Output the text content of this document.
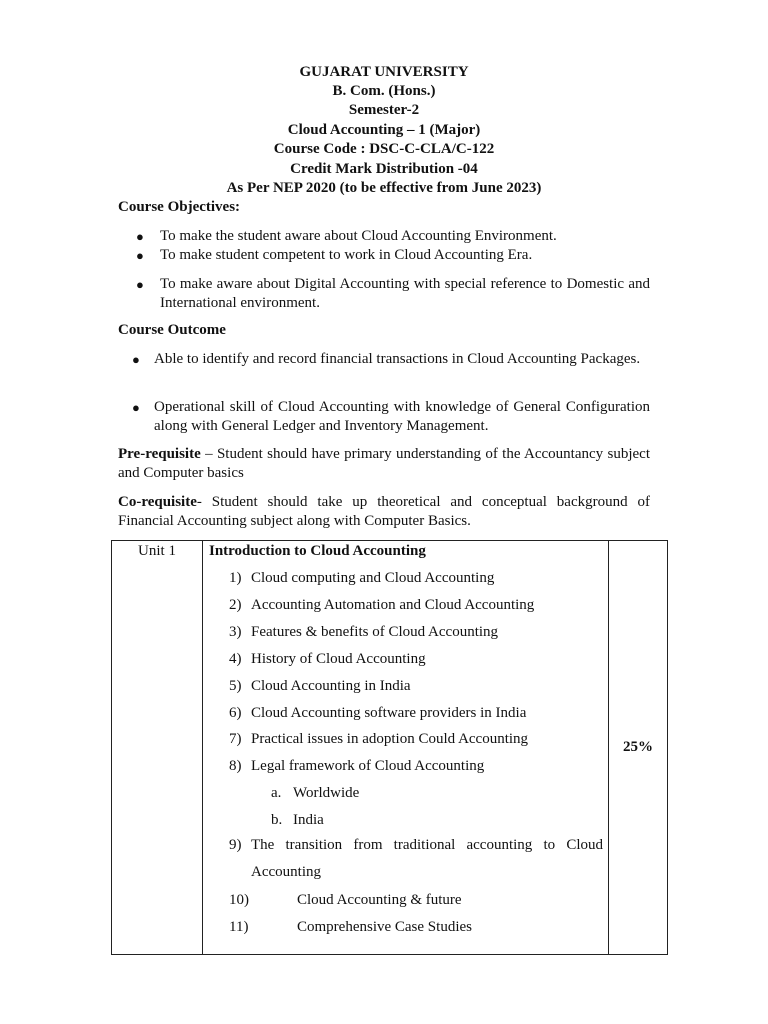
GUJARAT UNIVERSITY
B. Com. (Hons.)
Semester-2
Cloud Accounting – 1 (Major)
Course Code : DSC-C-CLA/C-122
Credit Mark Distribution -04
As Per NEP 2020 (to be effective from June 2023)
Course Objectives:
● To make the student aware about Cloud Accounting Environment.
● To make student competent to work in Cloud Accounting Era.
● To make aware about Digital Accounting with special reference to Domestic and International environment.
Course Outcome
● Able to identify and record financial transactions in Cloud Accounting Packages.
● Operational skill of Cloud Accounting with knowledge of General Configuration along with General Ledger and Inventory Management.
Pre-requisite – Student should have primary understanding of the Accountancy subject and Computer basics
Co-requisite- Student should take up theoretical and conceptual background of Financial Accounting subject along with Computer Basics.
Unit 1	Introduction to Cloud Accounting
1) Cloud computing and Cloud Accounting
2) Accounting Automation and Cloud Accounting
3) Features & benefits of Cloud Accounting
4) History of Cloud Accounting
5) Cloud Accounting in India
6) Cloud Accounting software providers in India
7) Practical issues in adoption Could Accounting
8) Legal framework of Cloud Accounting
a. Worldwide
b. India
9) The transition from traditional accounting to Cloud Accounting
10)	Cloud Accounting & future
11)	Comprehensive Case Studies
	25%
